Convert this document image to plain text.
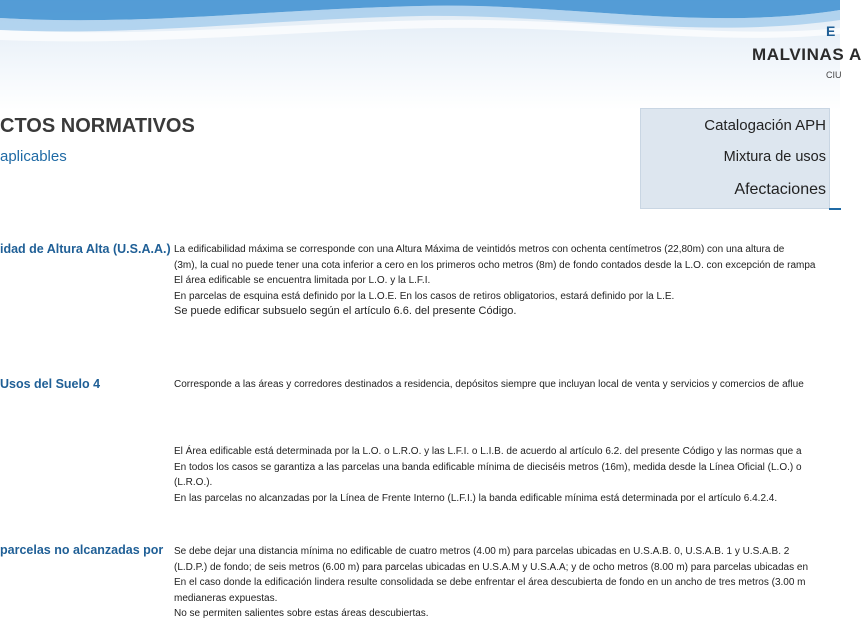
E
MALVINAS A
CIU
CTOS NORMATIVOS
aplicables
Catalogación APH
Mixtura de usos
Afectaciones
idad de Altura Alta (U.S.A.A.) La edificabilidad máxima se corresponde con una Altura Máxima de veintidós metros con ochenta centímetros (22,80m) con una altura de

(3m), la cual no puede tener una cota inferior a cero en los primeros ocho metros (8m) de fondo contados desde la L.O. con excepción de rampa

El área edificable se encuentra limitada por L.O. y la L.F.I.

En parcelas de esquina está definido por la L.O.E. En los casos de retiros obligatorios, estará definido por la L.E.

Se puede edificar subsuelo según el artículo 6.6. del presente Código.

Usos del Suelo 4	Corresponde a las áreas y corredores destinados a residencia, depósitos siempre que incluyan local de venta y servicios y comercios de aflue

El Área edificable está determinada por la L.O. o L.R.O. y las L.F.I. o L.I.B. de acuerdo al artículo 6.2. del presente Código y las normas que a

En todos los casos se garantiza a las parcelas una banda edificable mínima de dieciséis metros (16m), medida desde la Línea Oficial (L.O.) o

(L.R.O.).

En las parcelas no alcanzadas por la Línea de Frente Interno (L.F.I.) la banda edificable mínima está determinada por el artículo 6.4.2.4.

parcelas no alcanzadas por Se debe dejar una distancia mínima no edificable de cuatro metros (4.00 m) para parcelas ubicadas en U.S.A.B. 0, U.S.A.B. 1 y U.S.A.B. 2

(L.D.P.) de fondo; de seis metros (6.00 m) para parcelas ubicadas en U.S.A.M y U.S.A.A; y de ocho metros (8.00 m) para parcelas ubicadas en

En el caso donde la edificación lindera resulte consolidada se debe enfrentar el área descubierta de fondo en un ancho de tres metros (3.00 m

medianeras expuestas.

No se permiten salientes sobre estas áreas descubiertas.
